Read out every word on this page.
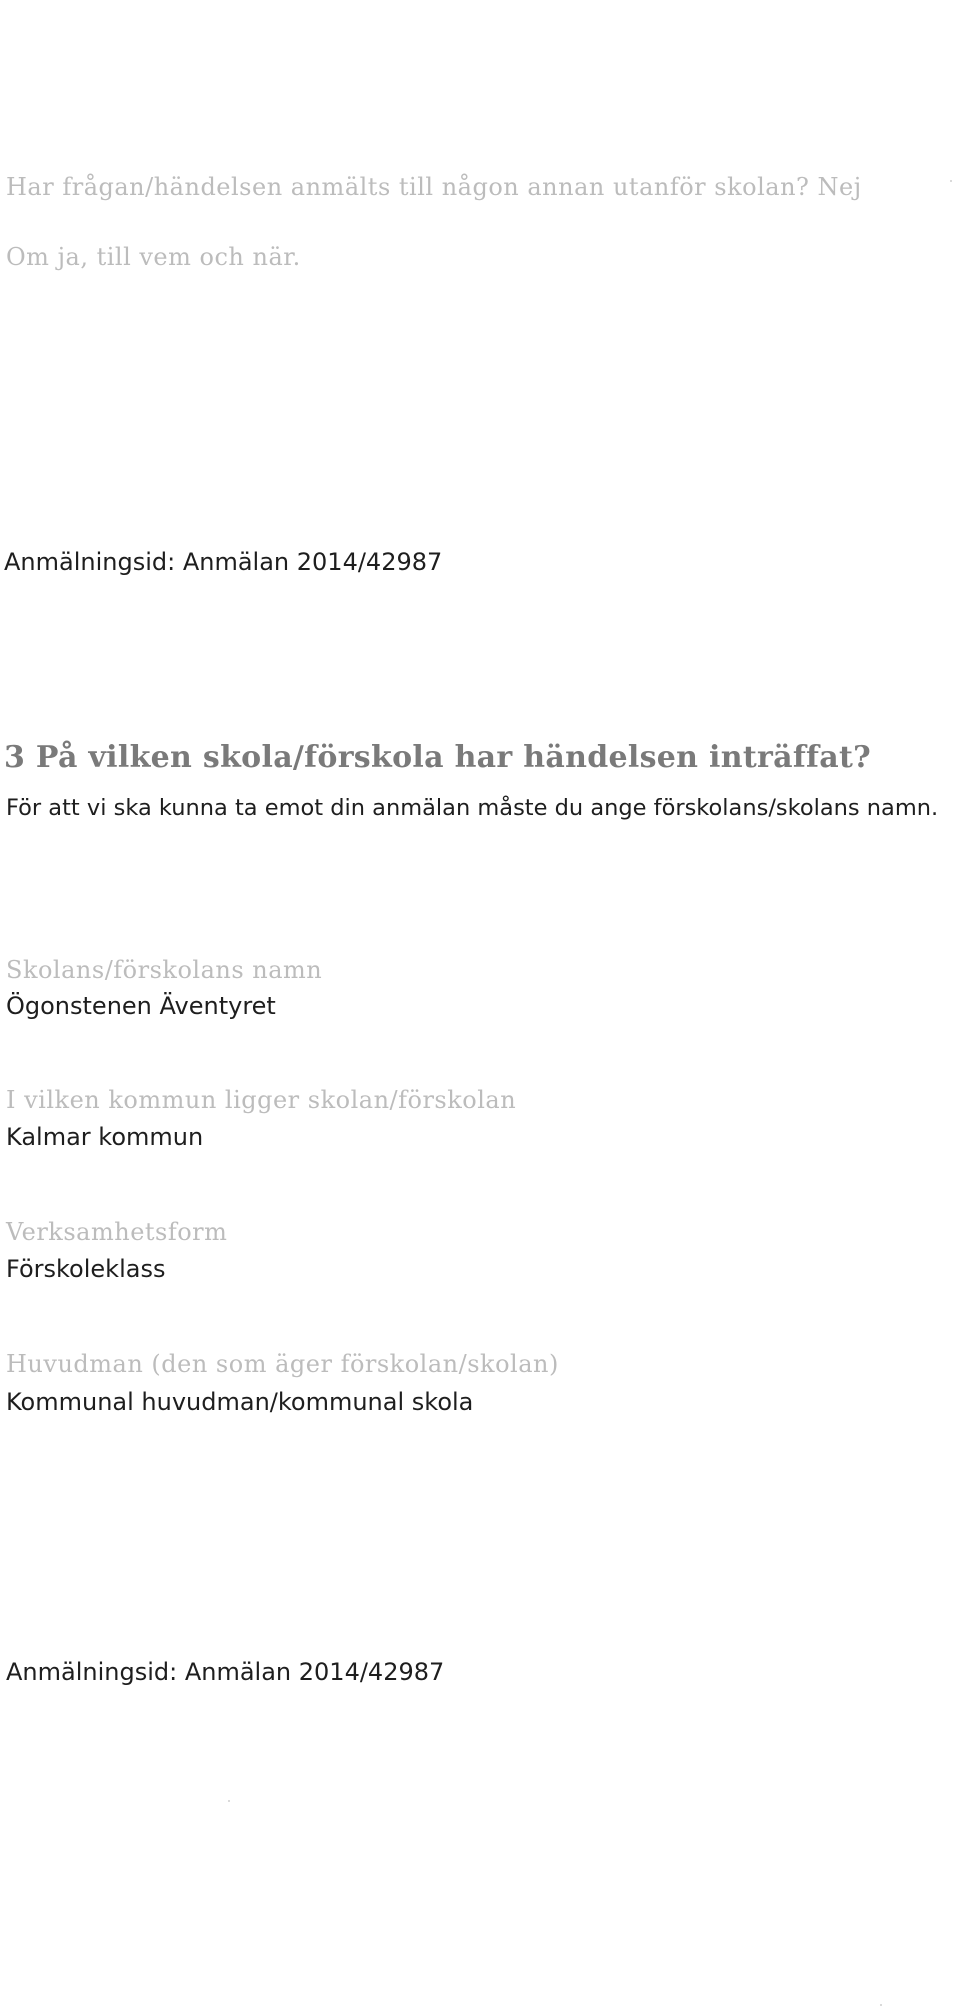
Har frågan/händelsen anmälts till någon annan utanför skolan? Nej
Om ja, till vem och när.
Anmälningsid: Anmälan 2014/42987
3 På vilken skola/förskola har händelsen inträffat?
För att vi ska kunna ta emot din anmälan måste du ange förskolans/skolans namn.
Skolans/förskolans namn
Ögonstenen Äventyret
I vilken kommun ligger skolan/förskolan
Kalmar kommun
Verksamhetsform
Förskoleklass
Huvudman (den som äger förskolan/skolan)
Kommunal huvudman/kommunal skola
Anmälningsid: Anmälan 2014/42987
